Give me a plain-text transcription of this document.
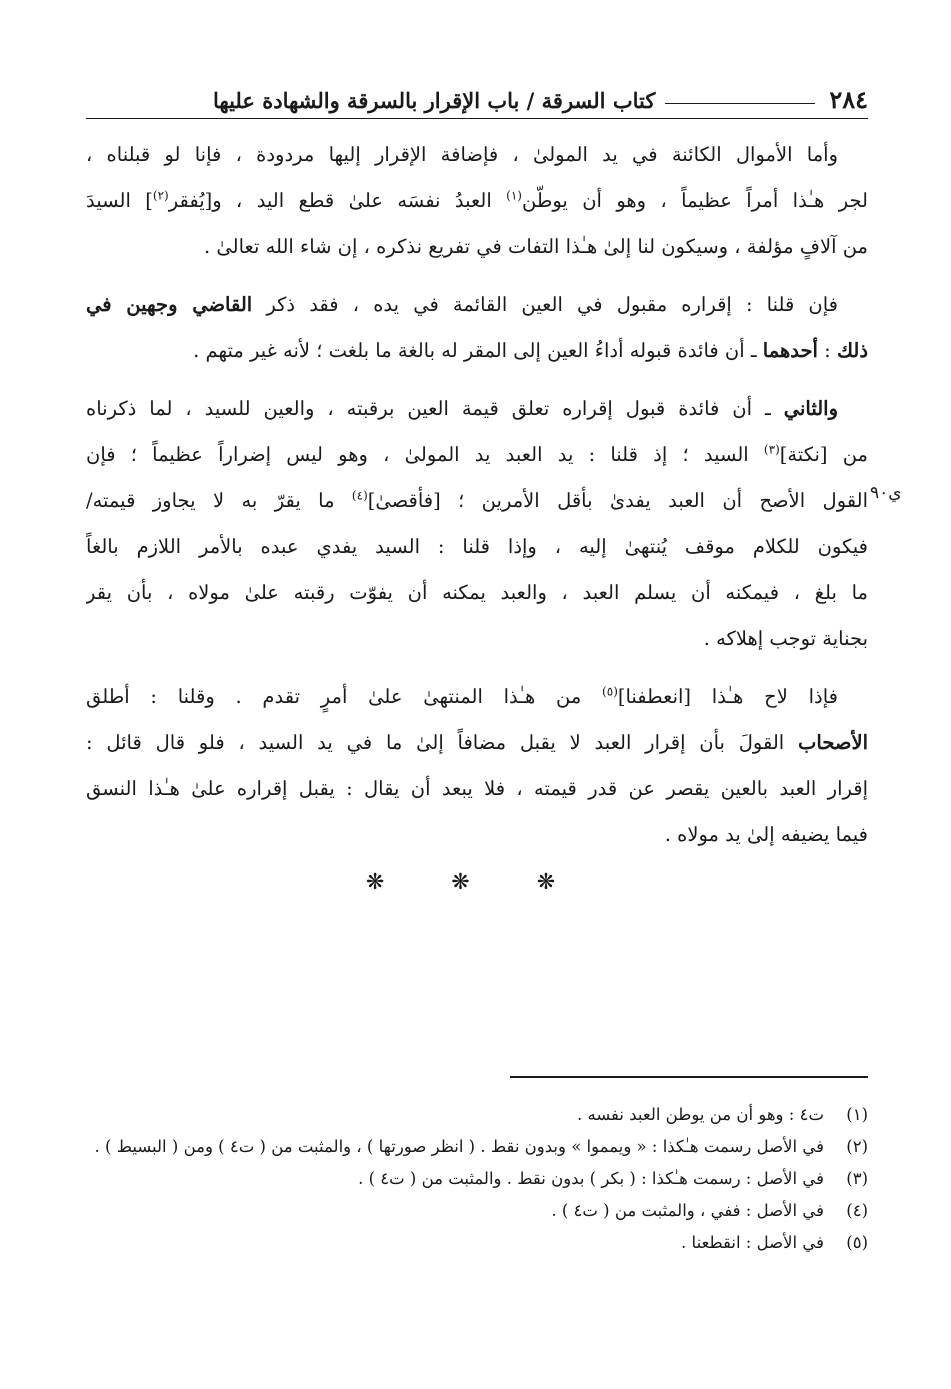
٢٨٤
كتاب السرقة / باب الإقرار بالسرقة والشهادة عليها
ي٩٠
وأما الأموال الكائنة في يد المولىٰ ، فإضافة الإقرار إليها مردودة ، فإنا لو قبلناه ،
لجر هـٰذا أمراً عظيماً ، وهو أن يوطّن$^{(١)}$ العبدُ نفسَه علىٰ قطع اليد ، و[يُفقر$^{(٢)}$] السيدَ
من آلافٍ مؤلفة ، وسيكون لنا إلىٰ هـٰذا التفات في تفريع نذكره ، إن شاء الله تعالىٰ .
فإن قلنا : إقراره مقبول في العين القائمة في يده ، فقد ذكر القاضي وجهين في
ذلك : أحدهما ـ أن فائدة قبوله أداءُ العين إلى المقر له بالغة ما بلغت ؛ لأنه غير متهم .
والثاني ـ أن فائدة قبول إقراره تعلق قيمة العين برقبته ، والعين للسيد ، لما ذكرناه
من [نكتة]$^{(٣)}$ السيد ؛ إذ قلنا : يد العبد يد المولىٰ ، وهو ليس إضراراً عظيماً ؛ فإن
القول الأصح أن العبد يفدىٰ بأقل الأمرين ؛ [فأقصىٰ]$^{(٤)}$ ما يقرّ به لا يجاوز قيمته/
فيكون للكلام موقف يُنتهىٰ إليه ، وإذا قلنا : السيد يفدي عبده بالأمر اللازم بالغاً
ما بلغ ، فيمكنه أن يسلم العبد ، والعبد يمكنه أن يفوّت رقبته علىٰ مولاه ، بأن يقر
بجناية توجب إهلاكه .
فإذا لاح هـٰذا [انعطفنا]$^{(٥)}$ من هـٰذا المنتهىٰ علىٰ أمرٍ تقدم . وقلنا : أطلق
الأصحاب القولَ بأن إقرار العبد لا يقبل مضافاً إلىٰ ما في يد السيد ، فلو قال قائل :
إقرار العبد بالعين يقصر عن قدر قيمته ، فلا يبعد أن يقال : يقبل إقراره علىٰ هـٰذا النسق
فيما يضيفه إلىٰ يد مولاه .
❋ ❋ ❋
(١)
ت٤ : وهو أن من يوطن العبد نفسه .
(٢)
في الأصل رسمت هـٰكذا : « ويمموا » وبدون نقط . ( انظر صورتها ) ، والمثبت من ( ت٤ ) ومن ( البسيط ) .
(٣)
في الأصل : رسمت هـٰكذا : ( بكر ) بدون نقط . والمثبت من ( ت٤ ) .
(٤)
في الأصل : ففي ، والمثبت من ( ت٤ ) .
(٥)
في الأصل : انقطعنا .
